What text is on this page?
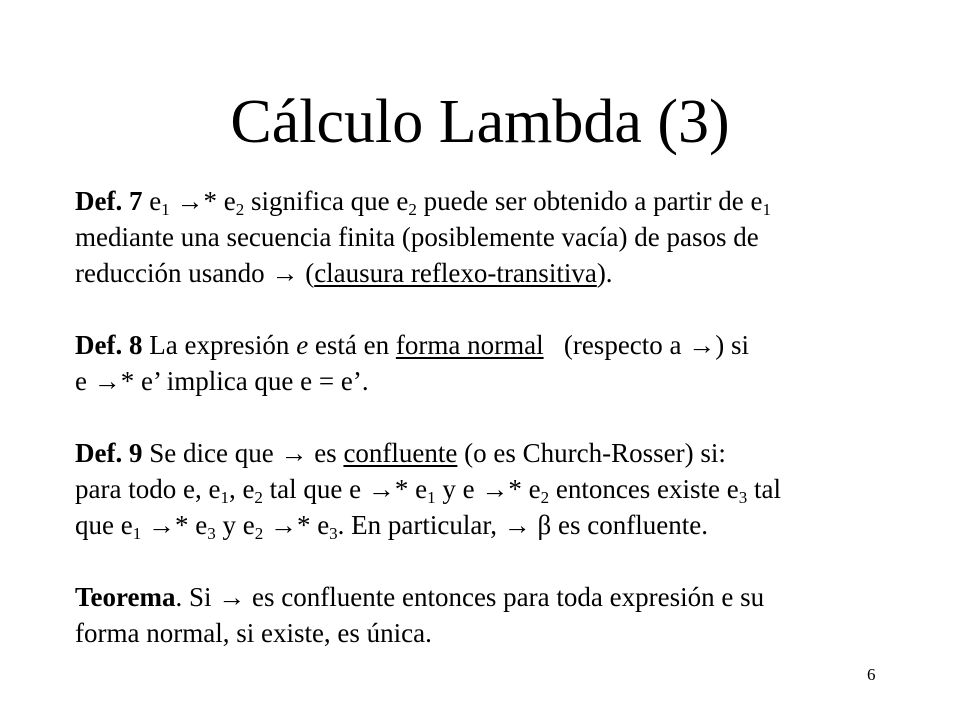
Cálculo Lambda (3)
Def. 7 $e_1 \to* e_2$ significa que $e_2$ puede ser obtenido a partir de $e_1$
mediante una secuencia finita (posiblemente vacía) de pasos de
reducción usando → (clausura reflexo-transitiva).
Def. 8 La expresión e está en forma normal (respecto a →) si
e →* e’ implica que e = e’.
Def. 9 Se dice que → es confluente (o es Church-Rosser) si:
para todo e, $e_1$, $e_2$ tal que $e \to* e_1$ y $e \to* e_2$ entonces existe $e_3$ tal
que $e_1 \to* e_3$ y $e_2 \to* e_3$. En particular, → β es confluente.
Teorema. Si → es confluente entonces para toda expresión e su
forma normal, si existe, es única.
6
